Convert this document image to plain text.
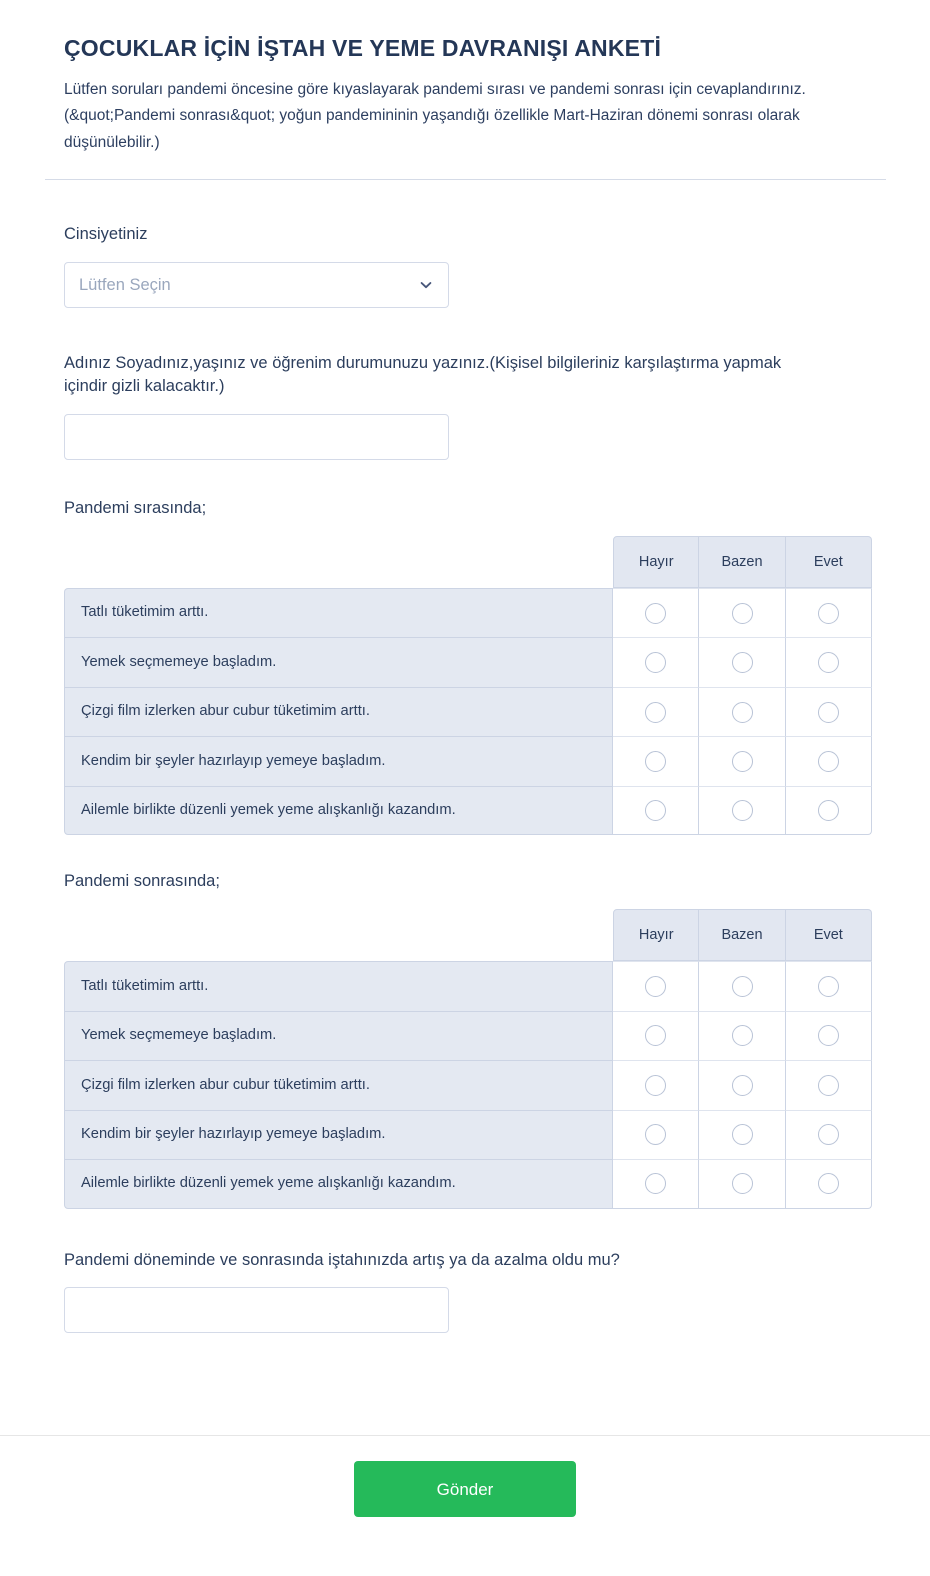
ÇOCUKLAR İÇİN İŞTAH VE YEME DAVRANIŞI ANKETİ

Lütfen soruları pandemi öncesine göre kıyaslayarak pandemi sırası ve pandemi sonrası için cevaplandırınız. (&quot;Pandemi sonrası&quot; yoğun pandemininin yaşandığı özellikle Mart-Haziran dönemi sonrası olarak düşünülebilir.)

Cinsiyetiniz
Lütfen Seçin
Adınız Soyadınız,yaşınız ve öğrenim durumunuzu yazınız.(Kişisel bilgileriniz karşılaştırma yapmak içindir gizli kalacaktır.)
Pandemi sırasında;
	Hayır	Bazen	Evet
Tatlı tüketimim arttı.			
Yemek seçmemeye başladım.			
Çizgi film izlerken abur cubur tüketimim arttı.			
Kendim bir şeyler hazırlayıp yemeye başladım.			
Ailemle birlikte düzenli yemek yeme alışkanlığı kazandım.			
Pandemi sonrasında;
	Hayır	Bazen	Evet
Tatlı tüketimim arttı.			
Yemek seçmemeye başladım.			
Çizgi film izlerken abur cubur tüketimim arttı.			
Kendim bir şeyler hazırlayıp yemeye başladım.			
Ailemle birlikte düzenli yemek yeme alışkanlığı kazandım.			
Pandemi döneminde ve sonrasında iştahınızda artış ya da azalma oldu mu?
Gönder
